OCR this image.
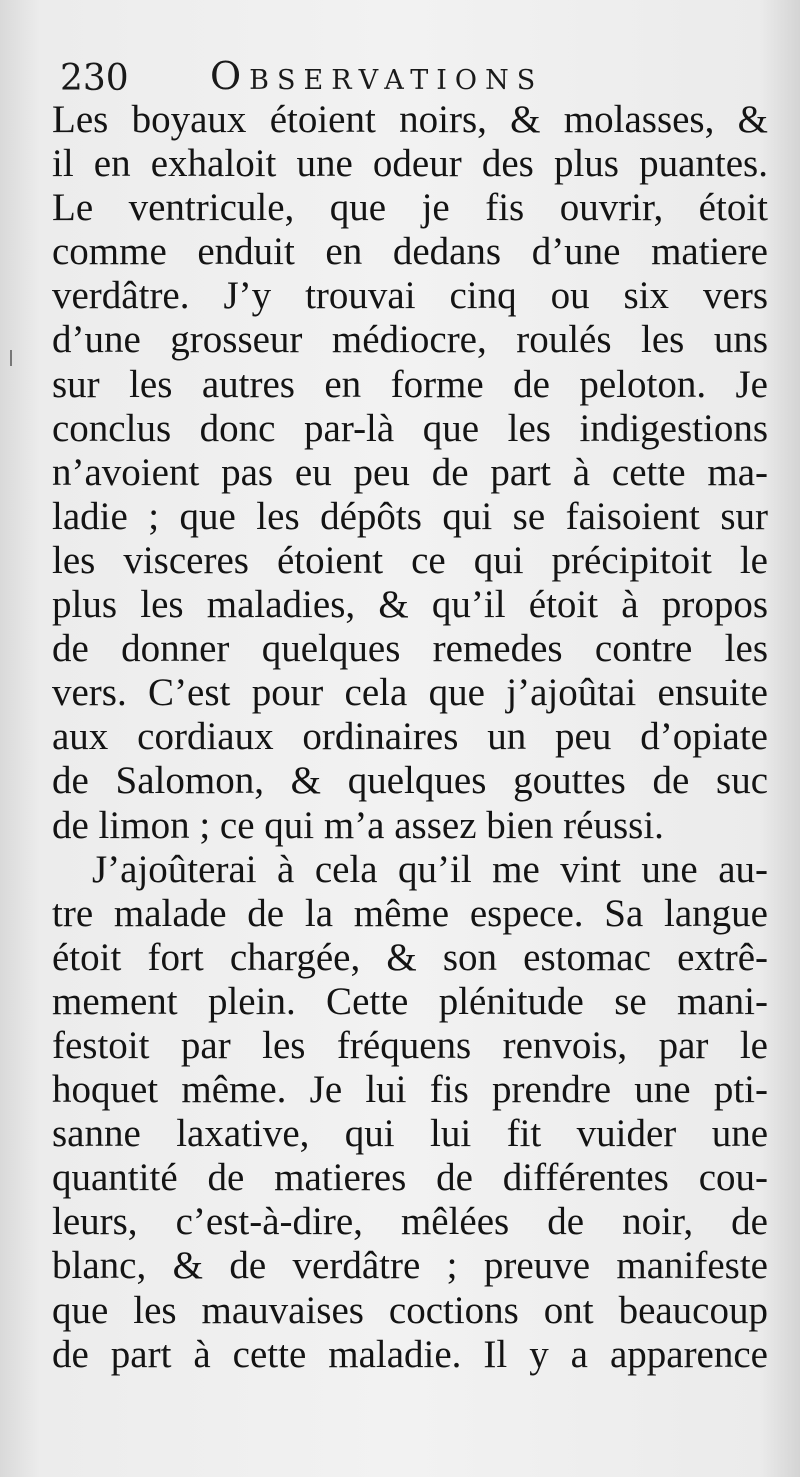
230 Observations
Les boyaux étoient noirs, & molasses, &
il en exhaloit une odeur des plus puantes.
Le ventricule, que je fis ouvrir, étoit
comme enduit en dedans d’une matiere
verdâtre. J’y trouvai cinq ou six vers
d’une grosseur médiocre, roulés les uns
sur les autres en forme de peloton. Je
conclus donc par-là que les indigestions
n’avoient pas eu peu de part à cette ma-
ladie ; que les dépôts qui se faisoient sur
les visceres étoient ce qui précipitoit le
plus les maladies, & qu’il étoit à propos
de donner quelques remedes contre les
vers. C’est pour cela que j’ajoûtai ensuite
aux cordiaux ordinaires un peu d’opiate
de Salomon, & quelques gouttes de suc
de limon ; ce qui m’a assez bien réussi.
J’ajoûterai à cela qu’il me vint une au-
tre malade de la même espece. Sa langue
étoit fort chargée, & son estomac extrê-
mement plein. Cette plénitude se mani-
festoit par les fréquens renvois, par le
hoquet même. Je lui fis prendre une pti-
sanne laxative, qui lui fit vuider une
quantité de matieres de différentes cou-
leurs, c’est-à-dire, mêlées de noir, de
blanc, & de verdâtre ; preuve manifeste
que les mauvaises coctions ont beaucoup
de part à cette maladie. Il y a apparence
